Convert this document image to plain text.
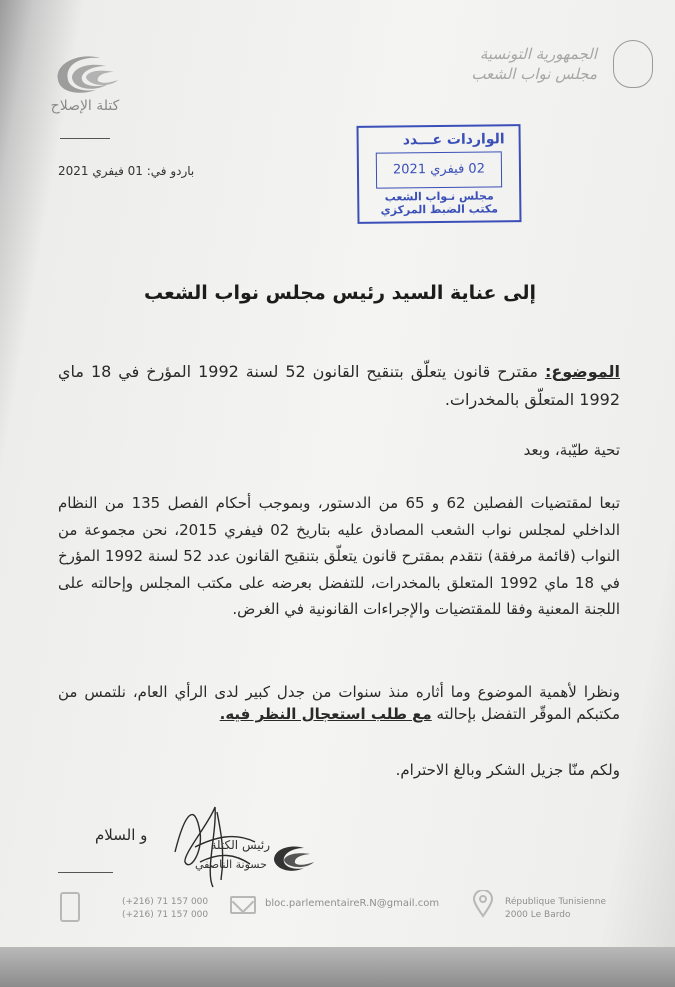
كتلة الإصلاح
باردو في: 01 فيفري 2021
الجمهورية التونسية
مجلس نواب الشعب
الواردات عـــدد
02 فيفري 2021
مجلس نـواب الشعب
مكتب الضبط المركزي
إلى عناية السيد رئيس مجلس نواب الشعب
الموضوع: مقترح قانون يتعلّق بتنقيح القانون 52 لسنة 1992 المؤرخ في 18 ماي 1992 المتعلّق بالمخدرات.
تحية طيّبة، وبعد
تبعا لمقتضيات الفصلين 62 و 65 من الدستور، وبموجب أحكام الفصل 135 من النظام الداخلي لمجلس نواب الشعب المصادق عليه بتاريخ 02 فيفري 2015، نحن مجموعة من النواب (قائمة مرفقة) نتقدم بمقترح قانون يتعلّق بتنقيح القانون عدد 52 لسنة 1992 المؤرخ في 18 ماي 1992 المتعلق بالمخدرات، للتفضل بعرضه على مكتب المجلس وإحالته على اللجنة المعنية وفقا للمقتضيات والإجراءات القانونية في الغرض.
ونظرا لأهمية الموضوع وما أثاره منذ سنوات من جدل كبير لدى الرأي العام، نلتمس من مكتبكم الموقّر التفضل بإحالته مع طلب استعجال النظر فيه.
ولكم منّا جزيل الشكر وبالغ الاحترام.
و السلام
رئيس الكتلة
حسونة الناصفي
(+216) 71 157 000
(+216) 71 157 000
bloc.parlementaireR.N@gmail.com	République Tunisienne
2000 Le Bardo
